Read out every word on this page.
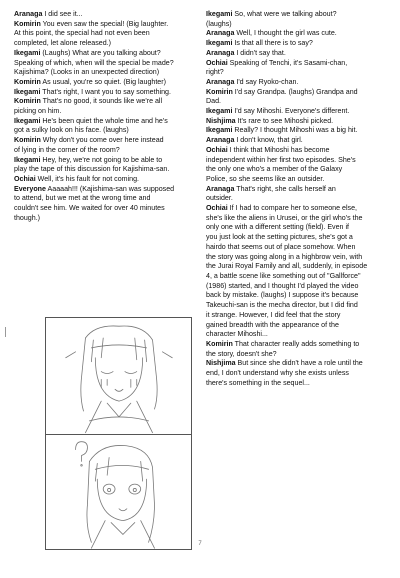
Aranaga I did see it...
Komirin You even saw the special! (Big laughter.
At this point, the special had not even been
completed, let alone released.)
Ikegami (Laughs) What are you talking about?
Speaking of which, when will the special be made?
Kajishima? (Looks in an unexpected direction)
Komirin As usual, you're so quiet. (Big laughter)
Ikegami That's right, I want you to say something.
Komirin That's no good, it sounds like we're all
picking on him.
Ikegami He's been quiet the whole time and he's
got a sulky look on his face. (laughs)
Komirin Why don't you come over here instead
of lying in the corner of the room?
Ikegami Hey, hey, we're not going to be able to
play the tape of this discussion for Kajishima-san.
Ochiai Well, it's his fault for not coming.
Everyone Aaaaah!!! (Kajishima-san was supposed
to attend, but we met at the wrong time and
couldn't see him. We waited for over 40 minutes
though.)
Ikegami So, what were we talking about?
(laughs)
Aranaga Well, I thought the girl was cute.
Ikegami Is that all there is to say?
Aranaga I didn't say that.
Ochiai Speaking of Tenchi, it's Sasami-chan,
right?
Aranaga I'd say Ryoko-chan.
Komirin I'd say Grandpa. (laughs) Grandpa and
Dad.
Ikegami I'd say Mihoshi. Everyone's different.
Nishjima It's rare to see Mihoshi picked.
Ikegami Really? I thought Mihoshi was a big hit.
Aranaga I don't know, that girl.
Ochiai I think that Mihoshi has become
independent within her first two episodes. She's
the only one who's a member of the Galaxy
Police, so she seems like an outsider.
Aranaga That's right, she calls herself an
outsider.
Ochiai If I had to compare her to someone else,
she's like the aliens in Urusei, or the girl who's the
only one with a different setting (field). Even if
you just look at the setting pictures, she's got a
hairdo that seems out of place somehow. When
the story was going along in a highbrow vein, with
the Jurai Royal Family and all, suddenly, in episode
4, a battle scene like something out of "Gallforce"
(1986) started, and I thought I'd played the video
back by mistake. (laughs) I suppose it's because
Takeuchi-san is the mecha director, but I did find
it strange. However, I did feel that the story
gained breadth with the appearance of the
character Mihoshi...
Komirin That character really adds something to
the story, doesn't she?
Nishjima But since she didn't have a role until the
end, I don't understand why she exists unless
there's something in the sequel...
7
